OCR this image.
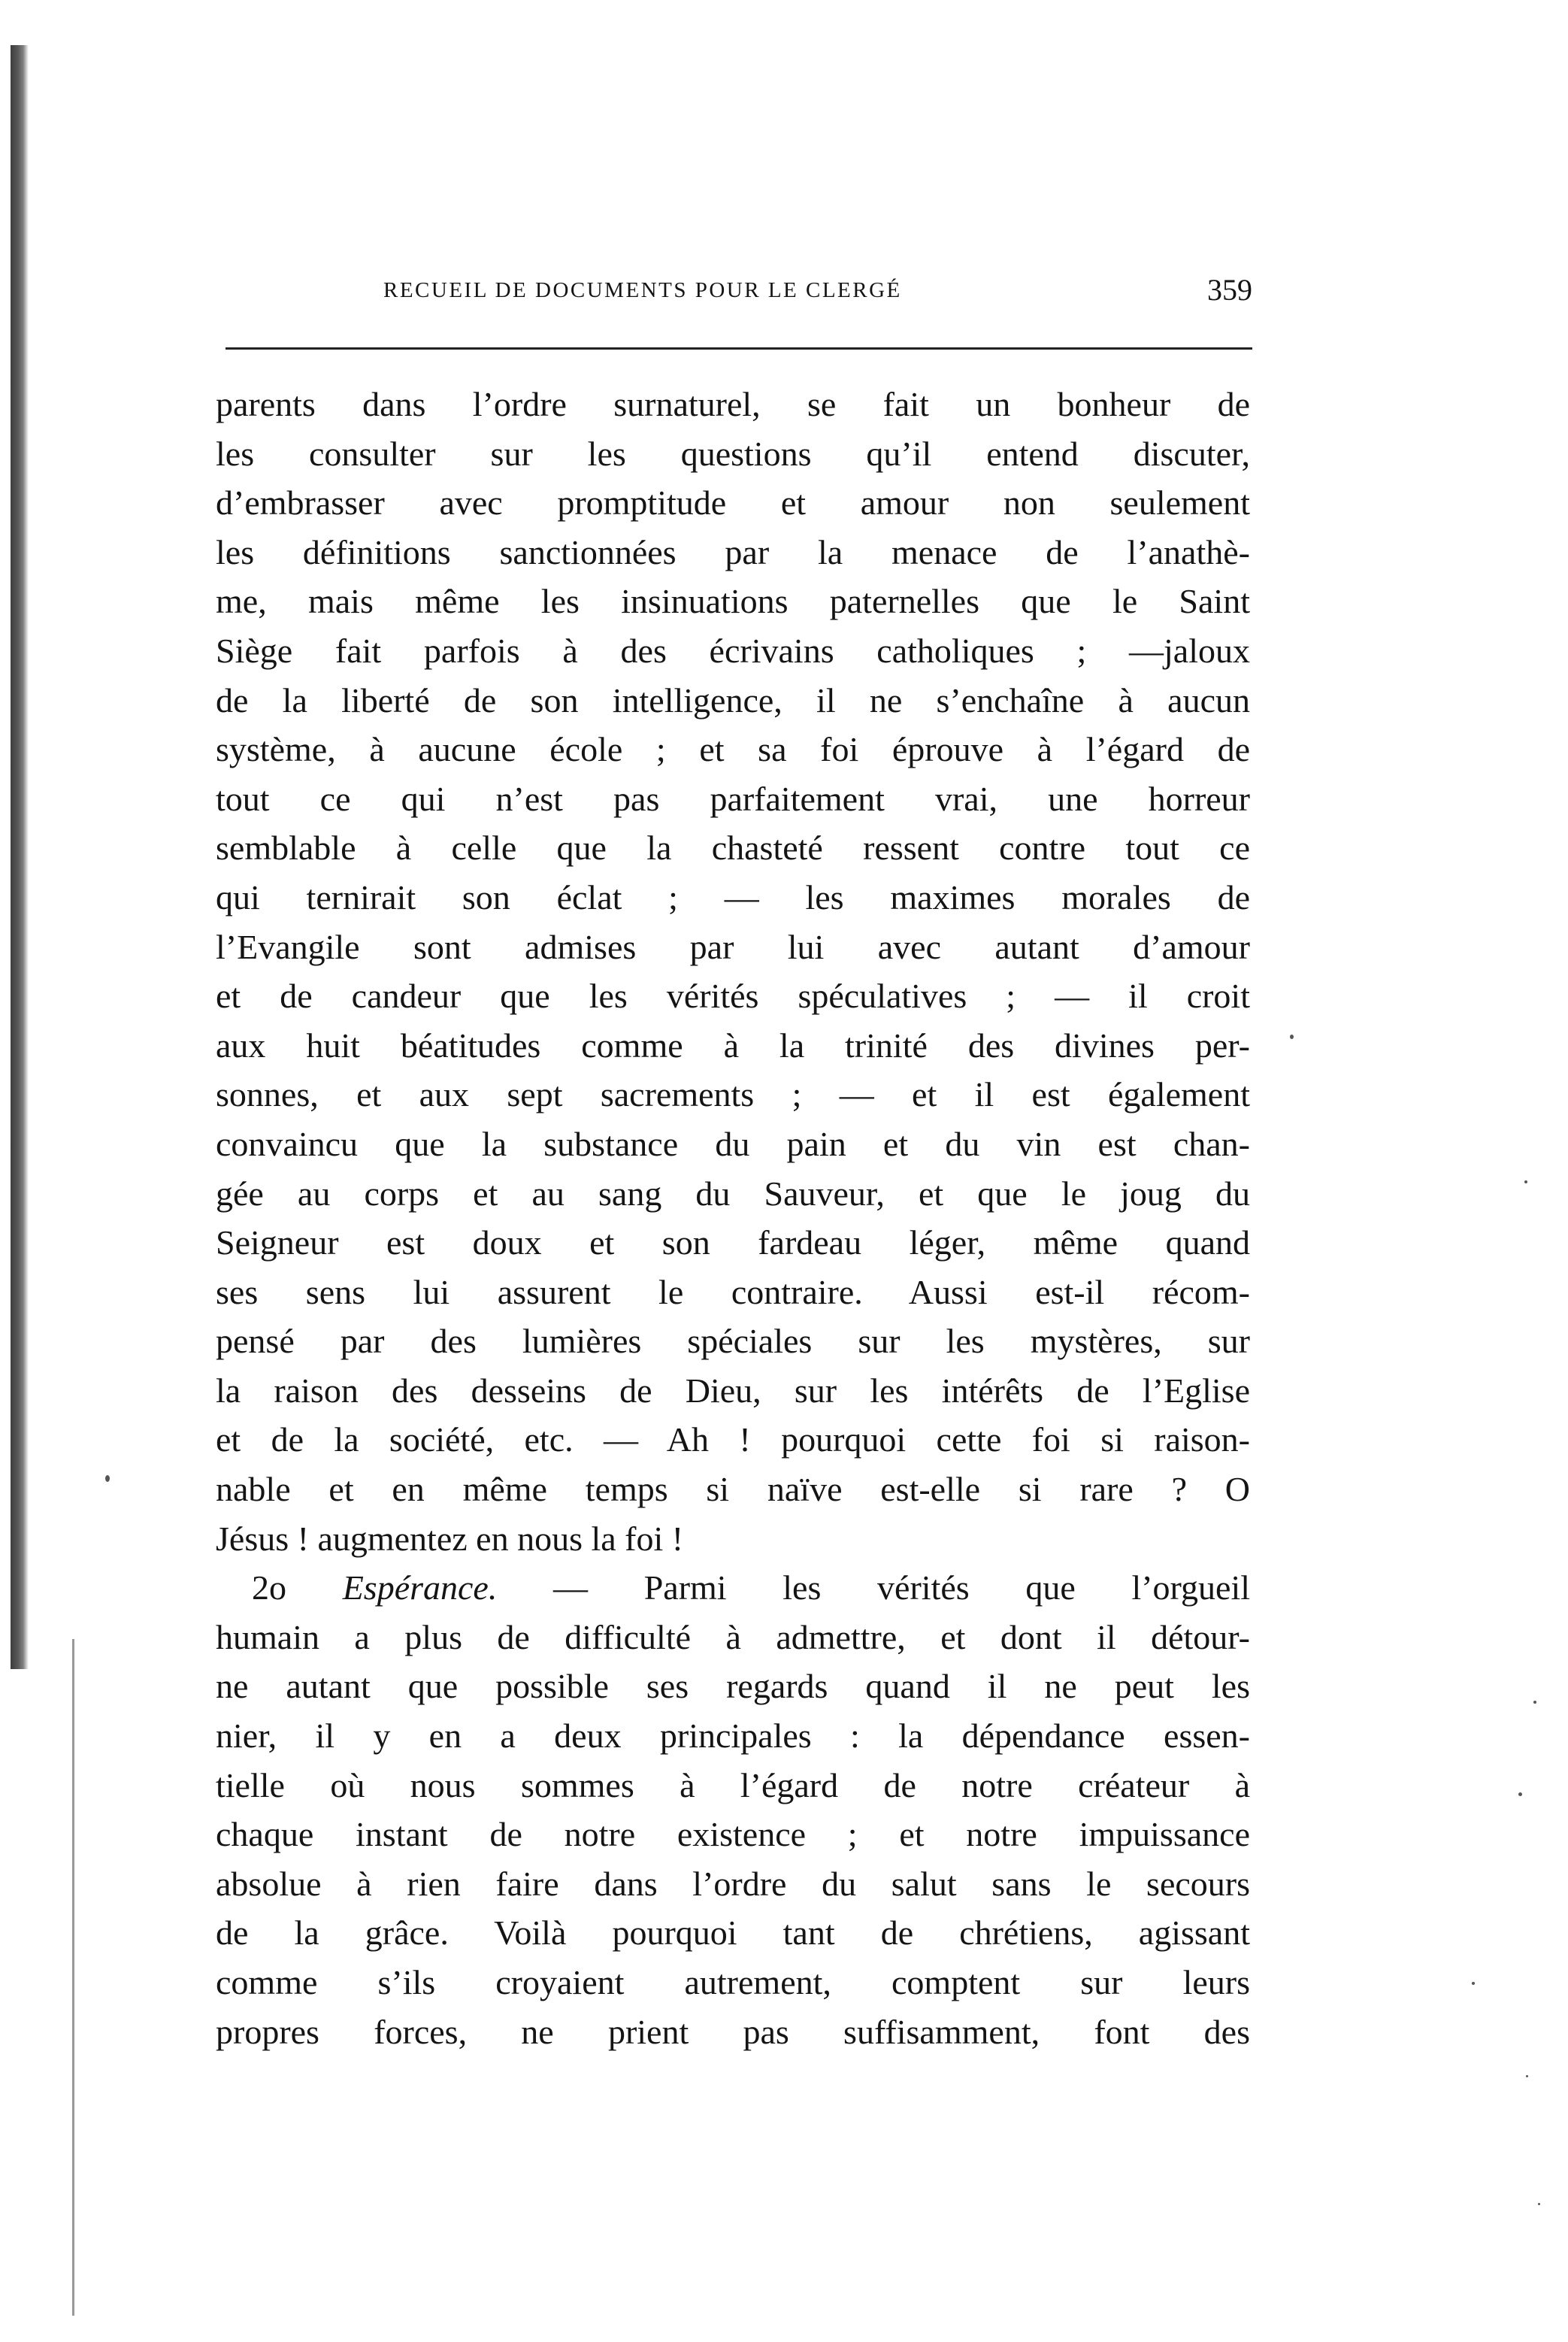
RECUEIL DE DOCUMENTS POUR LE CLERGÉ	359
parents dans l’ordre surnaturel, se fait un bonheur de
les consulter sur les questions qu’il entend discuter,
d’embrasser avec promptitude et amour non seulement
les définitions sanctionnées par la menace de l’anathè-
me, mais même les insinuations paternelles que le Saint
Siège fait parfois à des écrivains catholiques ; —jaloux
de la liberté de son intelligence, il ne s’enchaîne à aucun
système, à aucune école ; et sa foi éprouve à l’égard de
tout ce qui n’est pas parfaitement vrai, une horreur
semblable à celle que la chasteté ressent contre tout ce
qui ternirait son éclat ; — les maximes morales de
l’Evangile sont admises par lui avec autant d’amour
et de candeur que les vérités spéculatives ; — il croit
aux huit béatitudes comme à la trinité des divines per-
sonnes, et aux sept sacrements ; — et il est également
convaincu que la substance du pain et du vin est chan-
gée au corps et au sang du Sauveur, et que le joug du
Seigneur est doux et son fardeau léger, même quand
ses sens lui assurent le contraire. Aussi est-il récom-
pensé par des lumières spéciales sur les mystères, sur
la raison des desseins de Dieu, sur les intérêts de l’Eglise
et de la société, etc. — Ah ! pourquoi cette foi si raison-
nable et en même temps si naïve est-elle si rare ? O
Jésus ! augmentez en nous la foi !
2o Espérance. — Parmi les vérités que l’orgueil
humain a plus de difficulté à admettre, et dont il détour-
ne autant que possible ses regards quand il ne peut les
nier, il y en a deux principales : la dépendance essen-
tielle où nous sommes à l’égard de notre créateur à
chaque instant de notre existence ; et notre impuissance
absolue à rien faire dans l’ordre du salut sans le secours
de la grâce. Voilà pourquoi tant de chrétiens, agissant
comme s’ils croyaient autrement, comptent sur leurs
propres forces, ne prient pas suffisamment, font des
